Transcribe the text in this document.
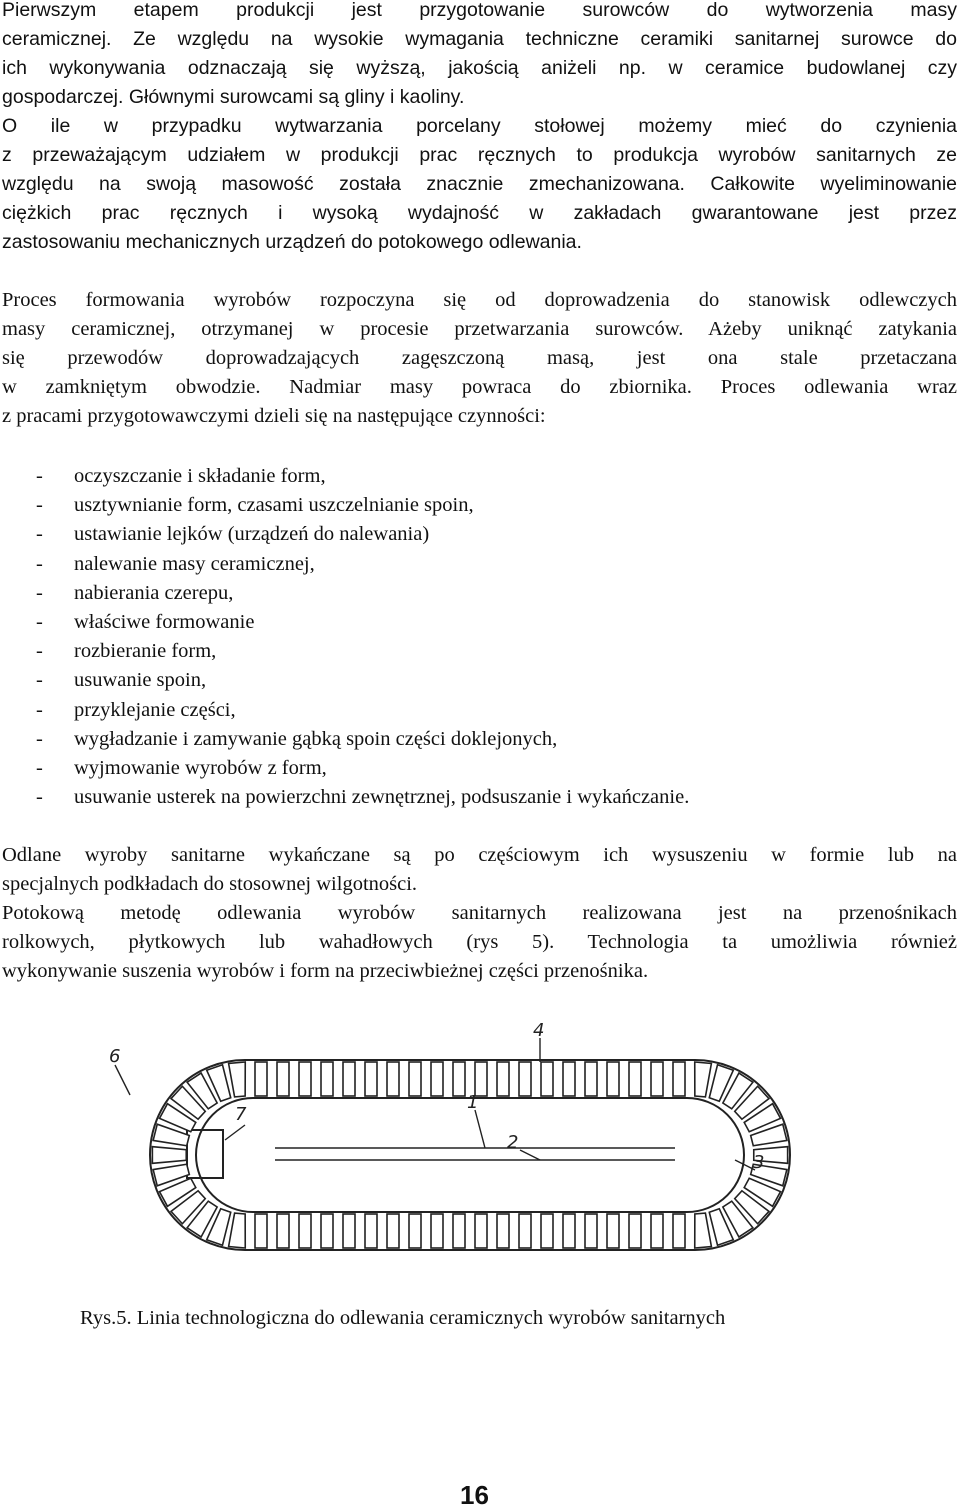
Pierwszym etapem produkcji jest przygotowanie surowców do wytworzenia masy
ceramicznej. Ze względu na wysokie wymagania techniczne ceramiki sanitarnej surowce do
ich wykonywania odznaczają się wyższą, jakością aniżeli np. w ceramice budowlanej czy
gospodarczej. Głównymi surowcami są gliny i kaoliny.
O ile w przypadku wytwarzania porcelany stołowej możemy mieć do czynienia
z przeważającym udziałem w produkcji prac ręcznych to produkcja wyrobów sanitarnych ze
względu na swoją masowość została znacznie zmechanizowana. Całkowite wyeliminowanie
ciężkich prac ręcznych i wysoką wydajność w zakładach gwarantowane jest przez
zastosowaniu mechanicznych urządzeń do potokowego odlewania.
Proces formowania wyrobów rozpoczyna się od doprowadzenia do stanowisk odlewczych
masy ceramicznej, otrzymanej w procesie przetwarzania surowców. Ażeby uniknąć zatykania
się przewodów doprowadzających zagęszczoną masą, jest ona stale przetaczana
w zamkniętym obwodzie. Nadmiar masy powraca do zbiornika. Proces odlewania wraz
z pracami przygotowawczymi dzieli się na następujące czynności:
-	oczyszczanie i składanie form,
-	usztywnianie form, czasami uszczelnianie spoin,
-	ustawianie lejków (urządzeń do nalewania)
-	nalewanie masy ceramicznej,
-	nabierania czerepu,
-	właściwe formowanie
-	rozbieranie form,
-	usuwanie spoin,
-	przyklejanie części,
-	wygładzanie i zamywanie gąbką spoin części doklejonych,
-	wyjmowanie wyrobów z form,
-	usuwanie usterek na powierzchni zewnętrznej, podsuszanie i wykańczanie.
Odlane wyroby sanitarne wykańczane są po częściowym ich wysuszeniu w formie lub na
specjalnych podkładach do stosownej wilgotności.
Potokową metodę odlewania wyrobów sanitarnych realizowana jest na przenośnikach
rolkowych, płytkowych lub wahadłowych (rys 5). Technologia ta umożliwia również
wykonywanie suszenia wyrobów i form na przeciwbieżnej części przenośnika.
6
4
7
1
2
3
Rys.5. Linia technologiczna do odlewania ceramicznych wyrobów sanitarnych
16
